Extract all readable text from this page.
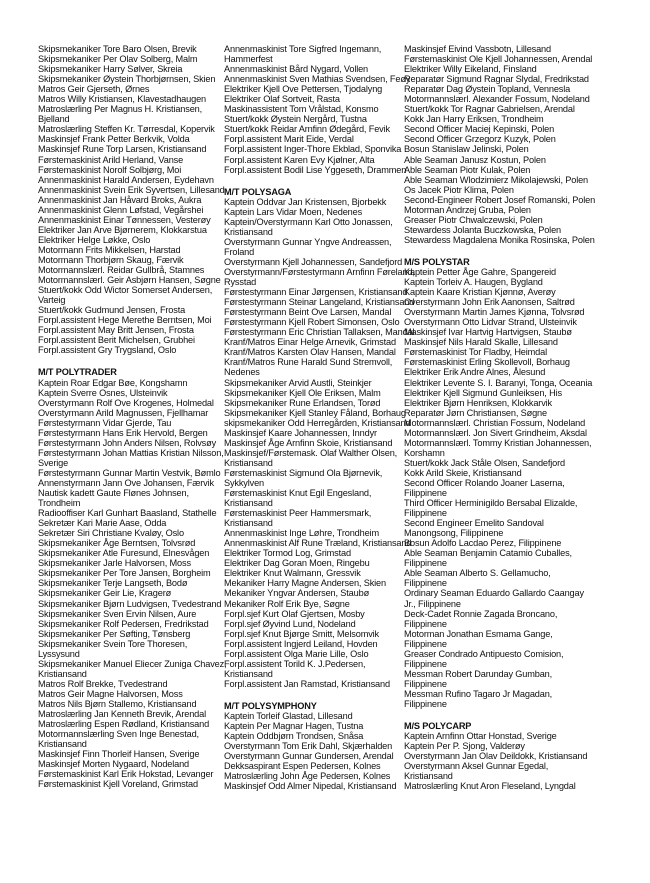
Skipsmekaniker Tore Baro Olsen, Brevik
Skipsmekaniker Per Olav Solberg, Malm
Skipsmekaniker Harry Sølver, Skreia
Skipsmekaniker Øystein Thorbjørnsen, Skien
Matros Geir Gjerseth, Ørnes
Matros Willy Kristiansen, Klavestadhaugen
Matroslærling Per Magnus H. Kristiansen,
Bjelland
Matroslærling Steffen Kr. Tørresdal, Kopervik
Maskinsjef Frank Petter Berkvik, Volda
Maskinsjef Rune Torp Larsen, Kristiansand
Førstemaskinist Arild Herland, Vanse
Førstemaskinist Norolf Solbjørg, Moi
Annenmaskinist Harald Andersen, Eydehavn
Annenmaskinist Svein Erik Syvertsen, Lillesand
Annenmaskinist Jan Håvard Broks, Aukra
Annenmaskinist Glenn Løfstad, Vegårshei
Annenmaskinist Einar Tønnessen, Vesterøy
Elektriker Jan Arve Bjørnerem, Klokkarstua
Elektriker Helge Løkke, Oslo
Motormann Frits Mikkelsen, Harstad
Motormann Thorbjørn Skaug, Færvik
Motormannslærl. Reidar Gullbrå, Stamnes
Motormannslærl. Geir Asbjørn Hansen, Søgne
Stuert/kokk Odd Wictor Somerset Andersen,
Varteig
Stuert/kokk Gudmund Jensen, Frosta
Forpl.assistent Hege Merethe Berntsen, Moi
Forpl.assistent May Britt Jensen, Frosta
Forpl.assistent Berit Michelsen, Grubhei
Forpl.assistent Gry Trygsland, Oslo
M/T POLYTRADER
Kaptein Roar Edgar Bøe, Kongshamn
Kaptein Sverre Osnes, Ulsteinvik
Overstyrmann Rolf Ove Krogenes, Holmedal
Overstyrmann Arild Magnussen, Fjellhamar
Førstestyrmann Vidar Gjerde, Tau
Førstestyrmann Hans Erik Hervold, Bergen
Førstestyrmann John Anders Nilsen, Rolvsøy
Førstestyrmann Johan Mattias Kristian Nilsson,
Sverige
Førstestyrmann Gunnar Martin Vestvik, Bømlo
Annenstyrmann Jann Ove Johansen, Færvik
Nautisk kadett Gaute Flønes Johnsen,
Trondheim
Radiooffiser Karl Gunhart Baasland, Stathelle
Sekretær Kari Marie Aase, Odda
Sekretær Siri Christiane Kvaløy, Oslo
Skipsmekaniker Åge Berntsen, Tolvsrød
Skipsmekaniker Atle Furesund, Elnesvågen
Skipsmekaniker Jarle Halvorsen, Moss
Skipsmekaniker Per Tore Jansen, Borgheim
Skipsmekaniker Terje Langseth, Bodø
Skipsmekaniker Geir Lie, Kragerø
Skipsmekaniker Bjørn Ludvigsen, Tvedestrand
Skipsmekaniker Sven Ervin Nilsen, Aure
Skipsmekaniker Rolf Pedersen, Fredrikstad
Skipsmekaniker Per Søfting, Tønsberg
Skipsmekaniker Svein Tore Thoresen,
Lyssysund
Skipsmekaniker Manuel Eliecer Zuniga Chavez,
Kristiansand
Matros Rolf Brekke, Tvedestrand
Matros Geir Magne Halvorsen, Moss
Matros Nils Bjørn Stallemo, Kristiansand
Matroslærling Jan Kenneth Brevik, Arendal
Matroslærling Espen Rødland, Kristiansand
Motormannslærling Sven Inge Benestad,
Kristiansand
Maskinsjef Finn Thorleif Hansen, Sverige
Maskinsjef Morten Nygaard, Nodeland
Førstemaskinist Karl Erik Hokstad, Levanger
Førstemaskinist Kjell Voreland, Grimstad
Annenmaskinist Tore Sigfred Ingemann,
Hammerfest
Annenmaskinist Bård Nygard, Vollen
Annenmaskinist Sven Mathias Svendsen, Feøy
Elektriker Kjell Ove Pettersen, Tjodalyng
Elektriker Olaf Sortveit, Rasta
Maskinassistent Tom Vrålstad, Konsmo
Stuert/kokk Øystein Nergård, Tustna
Stuert/kokk Reidar Arnfinn Ødegård, Fevik
Forpl.assistent Marit Eide, Verdal
Forpl.assistent Inger-Thore Ekblad, Sponvika
Forpl.assistent Karen Evy Kjølner, Alta
Forpl.assistent Bodil Lise Yggeseth, Drammen
M/T POLYSAGA
Kaptein Oddvar Jan Kristensen, Bjorbekk
Kaptein Lars Vidar Moen, Nedenes
Kaptein/Overstyrmann Karl Otto Jonassen,
Kristiansand
Overstyrmann Gunnar Yngve Andreassen,
Froland
Overstyrmann Kjell Johannessen, Sandefjord
Overstyrmann/Førstestyrmann Arnfinn Føreland,
Rysstad
Førstestyrmann Einar Jørgensen, Kristiansand
Førstestyrmann Steinar Langeland, Kristiansand
Førstestyrmann Beint Ove Larsen, Mandal
Førstestyrmann Kjell Robert Simonsen, Oslo
Førstestyrmann Eric Christian Tallaksen, Mandal
Kranf/Matros Einar Helge Arnevik, Grimstad
Kranf/Matros Karsten Olav Hansen, Mandal
Kranf/Matros Rune Harald Sund Stremvoll,
Nedenes
Skipsmekaniker Arvid Austli, Steinkjer
Skipsmekaniker Kjell Ole Eriksen, Malm
Skipsmekaniker Rune Erlandsen, Torød
Skipsmekaniker Kjell Stanley Fåland, Borhaug
skipsmekaniker Odd Herregården, Kristiansand
Maskinsjef Kaare Johannessen, Inndyr
Maskinsjef Åge Arnfinn Skoie, Kristiansand
Maskinsjef/Førstemask. Olaf Walther Olsen,
Kristiansand
Førstemaskinist Sigmund Ola Bjørnevik,
Sykkylven
Førstemaskinist Knut Egil Engesland,
Kristiansand
Førstemaskinist Peer Hammersmark,
Kristiansand
Annenmaskinist Inge Løhre, Trondheim
Annenmaskinist Alf Rune Træland, Kristiansand
Elektriker Tormod Log, Grimstad
Elektriker Dag Goran Moen, Ringebu
Elektriker Knut Walmann, Gressvik
Mekaniker Harry Magne Andersen, Skien
Mekaniker Yngvar Andersen, Staubø
Mekaniker Rolf Erik Bye, Søgne
Forpl.sjef Kurt Olaf Gjertsen, Mosby
Forpl.sjef Øyvind Lund, Nodeland
Forpl.sjef Knut Bjørge Smitt, Melsomvik
Forpl.assistent Ingjerd Leiland, Hovden
Forpl.assistent Olga Marie Lille, Oslo
Forpl.assistent Torild K. J.Pedersen,
Kristiansand
Forpl.assistent Jan Ramstad, Kristiansand
M/T POLYSYMPHONY
Kaptein Torleif Glastad, Lillesand
Kaptein Per Magnar Hagen, Tustna
Kaptein Oddbjørn Trondsen, Snåsa
Overstyrmann Tom Erik Dahl, Skjærhalden
Overstyrmann Gunnar Gundersen, Arendal
Dekksaspirant Espen Pedersen, Kolnes
Matroslærling John Åge Pedersen, Kolnes
Maskinsjef Odd Almer Nipedal, Kristiansand
Maskinsjef Eivind Vassbotn, Lillesand
Førstemaskinist Ole Kjell Johannessen, Arendal
Elektriker Willy Eikeland, Finsland
Reparatør Sigmund Ragnar Slydal, Fredrikstad
Reparatør Dag Øystein Topland, Vennesla
Motormannslærl. Alexander Fossum, Nodeland
Stuert/kokk Tor Ragnar Gabrielsen, Arendal
Kokk Jan Harry Eriksen, Trondheim
Second Officer Maciej Kepinski, Polen
Second Officer Grzegorz Kuzyk, Polen
Bosun Stanislaw Jelinski, Polen
Able Seaman Janusz Kostun, Polen
Able Seaman Piotr Kulak, Polen
Able Seaman Wlodzimierz Mikolajewski, Polen
Os Jacek Piotr Klima, Polen
Second-Engineer Robert Josef Romanski, Polen
Motorman Andrzej Gruba, Polen
Greaser Piotr Chwalczewski, Polen
Stewardess Jolanta Buczkowska, Polen
Stewardess Magdalena Monika Rosinska, Polen
M/S POLYSTAR
Kaptein Petter Åge Gahre, Spangereid
Kaptein Torleiv A. Haugen, Bygland
Kaptein Kaare Kristian Kjønnø, Averøy
Overstyrmann John Erik Aanonsen, Saltrød
Overstyrmann Martin James Kjønna, Tolvsrød
Overstyrmann Otto Lidvar Strand, Ulsteinvik
Maskinsjef Ivar Hartvig Hartvigsen, Staubø
Maskinsjef Nils Harald Skalle, Lillesand
Førstemaskinist Tor Fladby, Heimdal
Førstemaskinist Erling Skollevoll, Borhaug
Elektriker Erik Andre Alnes, Ålesund
Elektriker Levente S. I. Baranyi, Tonga, Oceania
Elektriker Kjell Sigmund Gunleiksen, His
Elektriker Bjørn Henriksen, Klokkarvik
Reparatør Jørn Christiansen, Søgne
Motormannslærl. Christian Fossum, Nodeland
Motormannslærl. Jon Sivert Grindheim, Aksdal
Motormannslærl. Tommy Kristian Johannessen,
Korshamn
Stuert/kokk Jack Ståle Olsen, Sandefjord
Kokk Arild Skeie, Kristiansand
Second Officer Rolando Joaner Laserna,
Filippinene
Third Officer Herminigildo Bersabal Elizalde,
Filippinene
Second Engineer Emelito Sandoval
Manongsong, Filippinene
Bosun Adolfo Lacdao Perez, Filippinene
Able Seaman Benjamin Catamio Cuballes,
Filippinene
Able Seaman Alberto S. Gellamucho,
Filippinene
Ordinary Seaman Eduardo Gallardo Caangay
Jr., Filippinene
Deck-Cadet Ronnie Zagada Broncano,
Filippinene
Motorman Jonathan Esmama Gange,
Filippinene
Greaser Condrado Antipuesto Comision,
Filippinene
Messman Robert Darunday Gumban,
Filippinene
Messman Rufino Tagaro Jr Magadan,
Filippinene
M/S POLYCARP
Kaptein Arnfinn Ottar Honstad, Sverige
Kaptein Per P. Sjong, Valderøy
Overstyrmann Jan Olav Deildokk, Kristiansand
Overstyrmann Aksel Gunnar Egedal,
Kristiansand
Matroslærling Knut Aron Fleseland, Lyngdal
